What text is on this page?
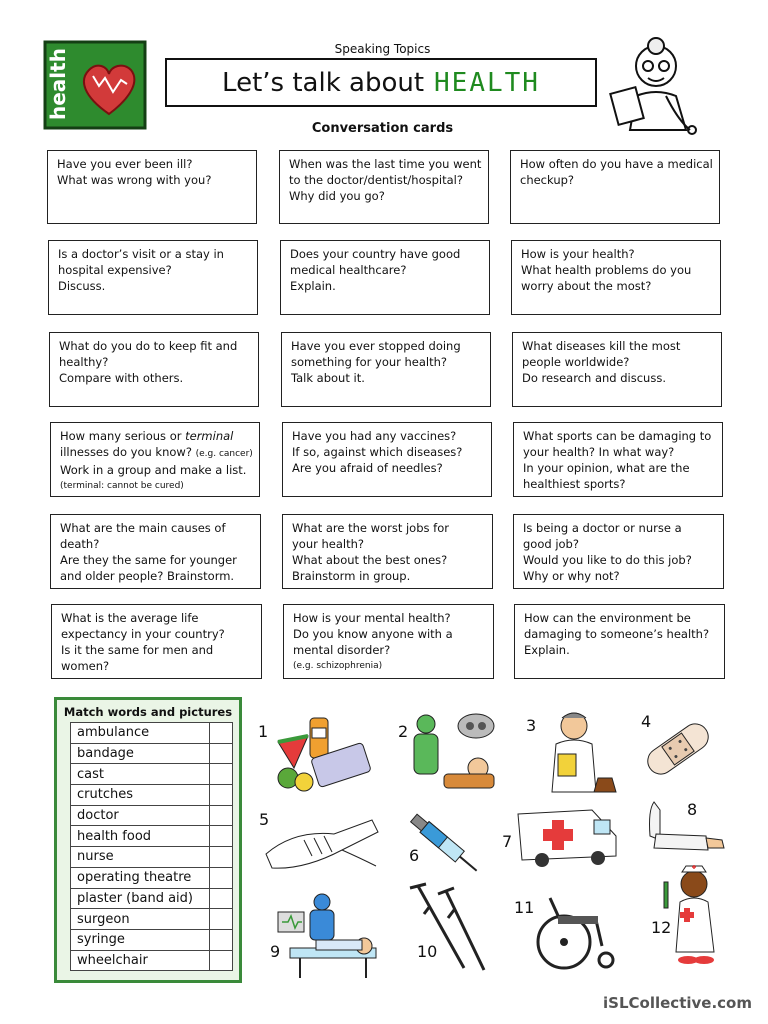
health	Speaking Topics
Let’s talk about HEALTH
Conversation cards
Have you ever been ill?
What was wrong with you?
When was the last time you went
to the doctor/dentist/hospital?
Why did you go?
How often do you have a medical
checkup?
Is a doctor’s visit or a stay in
hospital expensive?
Discuss.
Does your country have good
medical healthcare?
Explain.
How is your health?
What health problems do you
worry about the most?
What do you do to keep fit and
healthy?
Compare with others.
Have you ever stopped doing
something for your health?
Talk about it.
What diseases kill the most
people worldwide?
Do research and discuss.
How many serious or terminal
illnesses do you know? (e.g. cancer)
Work in a group and make a list.
(terminal: cannot be cured)
Have you had any vaccines?
If so, against which diseases?
Are you afraid of needles?
What sports can be damaging to
your health? In what way?
In your opinion, what are the
healthiest sports?
What are the main causes of
death?
Are they the same for younger
and older people? Brainstorm.
What are the worst jobs for
your health?
What about the best ones?
Brainstorm in group.
Is being a doctor or nurse a
good job?
Would you like to do this job?
Why or why not?
What is the average life
expectancy in your country?
Is it the same for men and
women?
How is your mental health?
Do you know anyone with a
mental disorder?
(e.g. schizophrenia)
How can the environment be
damaging to someone’s health?
Explain.
Match words and pictures
ambulance	
bandage	
cast	
crutches	
doctor	
health food	
nurse	
operating theatre	
plaster (band aid)	
surgeon	
syringe	
wheelchair	
1	2	3	4
5
6
7
8
9	10
11
12
iSLCollective.com
